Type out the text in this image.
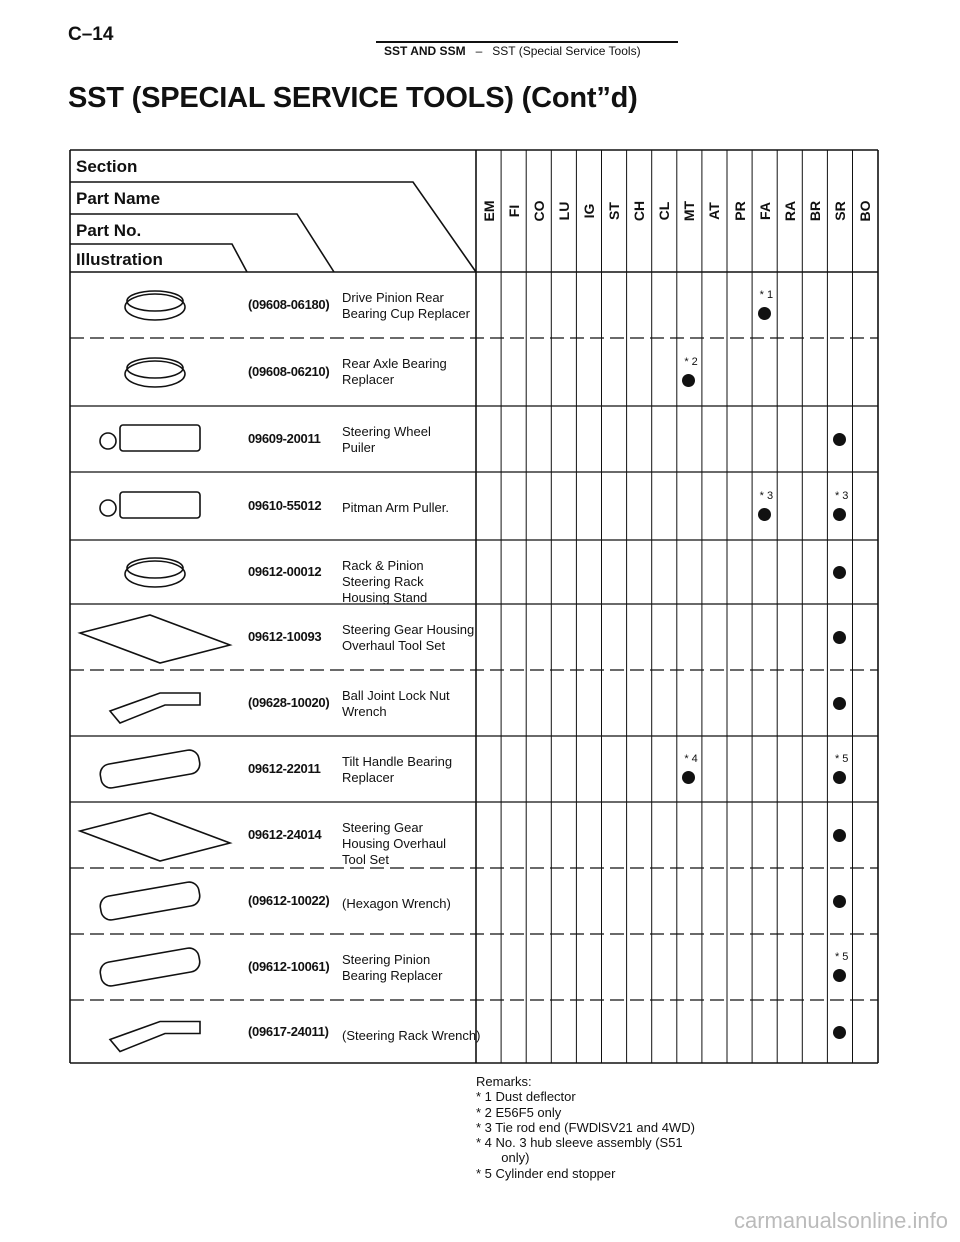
C–14
SST AND SSM – SST (Special Service Tools)
SST (SPECIAL SERVICE TOOLS) (Cont”d)
Section
Part Name
Part No.
Illustration
EM FI CO LU IG ST CH CL MT AT PR FA RA BR SR BO
(09608-06180) Drive Pinion Rear
Bearing Cup Replacer
* 1
(09608-06210)
Rear Axle Bearing
Replacer
* 2
09609-20011 Steering Wheel
Puiler
09610-55012 Pitman Arm Puller.
* 3	* 3
09612-00012 Rack & Pinion
Steering Rack
Housing Stand
09612-10093 Steering Gear Housing
Overhaul Tool Set
(09628-10020) Ball Joint Lock Nut
Wrench
09612-22011 Tilt Handle Bearing
Replacer
* 4	* 5
09612-24014 Steering Gear
Housing Overhaul
Tool Set
(09612-10022) (Hexagon Wrench)
(09612-10061) Steering Pinion
Bearing Replacer
* 5
(09617-24011) (Steering Rack Wrench)
Remarks:
* 1 Dust deflector
* 2 E56F5 only
* 3 Tie rod end (FWDlSV21 and 4WD)
* 4 No. 3 hub sleeve assembly (S51
only)
* 5 Cylinder end stopper
carmanualsonline.info
